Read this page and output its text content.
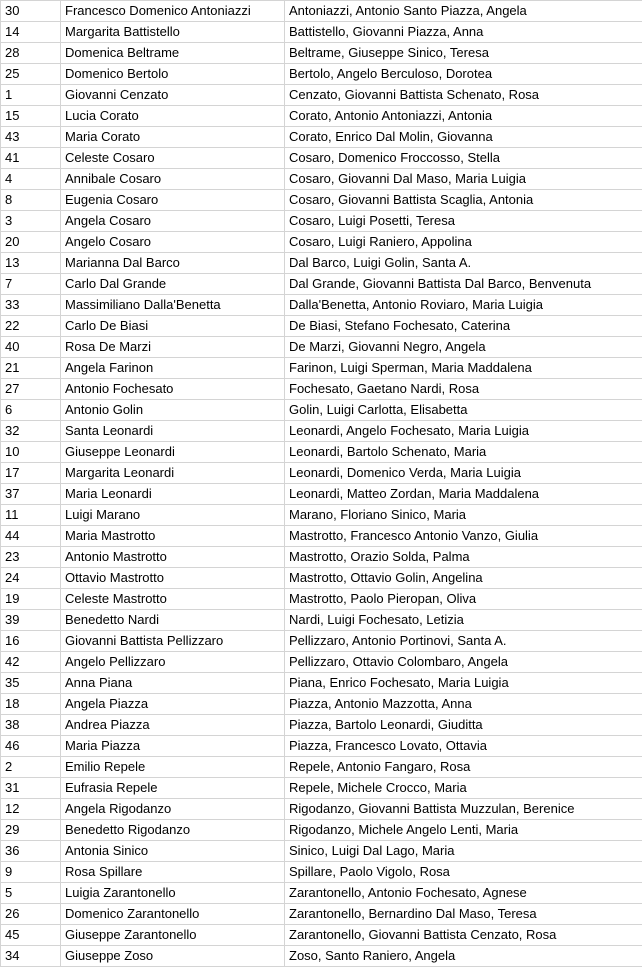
30	Francesco Domenico Antoniazzi	Antoniazzi, Antonio Santo Piazza, Angela
14	Margarita Battistello	Battistello, Giovanni Piazza, Anna
28	Domenica Beltrame	Beltrame, Giuseppe Sinico, Teresa
25	Domenico Bertolo	Bertolo, Angelo Berculoso, Dorotea
1	Giovanni Cenzato	Cenzato, Giovanni Battista Schenato, Rosa
15	Lucia Corato	Corato, Antonio Antoniazzi, Antonia
43	Maria Corato	Corato, Enrico Dal Molin, Giovanna
41	Celeste Cosaro	Cosaro, Domenico Froccosso, Stella
4	Annibale Cosaro	Cosaro, Giovanni Dal Maso, Maria Luigia
8	Eugenia Cosaro	Cosaro, Giovanni Battista Scaglia, Antonia
3	Angela Cosaro	Cosaro, Luigi Posetti, Teresa
20	Angelo Cosaro	Cosaro, Luigi Raniero, Appolina
13	Marianna Dal Barco	Dal Barco, Luigi Golin, Santa A.
7	Carlo Dal Grande	Dal Grande, Giovanni Battista Dal Barco, Benvenuta
33	Massimiliano Dalla'Benetta	Dalla'Benetta, Antonio Roviaro, Maria Luigia
22	Carlo De Biasi	De Biasi, Stefano Fochesato, Caterina
40	Rosa De Marzi	De Marzi, Giovanni Negro, Angela
21	Angela Farinon	Farinon, Luigi Sperman, Maria Maddalena
27	Antonio Fochesato	Fochesato, Gaetano Nardi, Rosa
6	Antonio Golin	Golin, Luigi Carlotta, Elisabetta
32	Santa Leonardi	Leonardi, Angelo Fochesato, Maria Luigia
10	Giuseppe Leonardi	Leonardi, Bartolo Schenato, Maria
17	Margarita Leonardi	Leonardi, Domenico Verda, Maria Luigia
37	Maria Leonardi	Leonardi, Matteo Zordan, Maria Maddalena
11	Luigi Marano	Marano, Floriano Sinico, Maria
44	Maria Mastrotto	Mastrotto, Francesco Antonio Vanzo, Giulia
23	Antonio Mastrotto	Mastrotto, Orazio Solda, Palma
24	Ottavio Mastrotto	Mastrotto, Ottavio Golin, Angelina
19	Celeste Mastrotto	Mastrotto, Paolo Pieropan, Oliva
39	Benedetto Nardi	Nardi, Luigi Fochesato, Letizia
16	Giovanni Battista Pellizzaro	Pellizzaro, Antonio Portinovi, Santa A.
42	Angelo Pellizzaro	Pellizzaro, Ottavio Colombaro, Angela
35	Anna Piana	Piana, Enrico Fochesato, Maria Luigia
18	Angela Piazza	Piazza, Antonio Mazzotta, Anna
38	Andrea Piazza	Piazza, Bartolo Leonardi, Giuditta
46	Maria Piazza	Piazza, Francesco Lovato, Ottavia
2	Emilio Repele	Repele, Antonio Fangaro, Rosa
31	Eufrasia Repele	Repele, Michele Crocco, Maria
12	Angela Rigodanzo	Rigodanzo, Giovanni Battista Muzzulan, Berenice
29	Benedetto Rigodanzo	Rigodanzo, Michele Angelo Lenti, Maria
36	Antonia Sinico	Sinico, Luigi Dal Lago, Maria
9	Rosa Spillare	Spillare, Paolo Vigolo, Rosa
5	Luigia Zarantonello	Zarantonello, Antonio Fochesato, Agnese
26	Domenico Zarantonello	Zarantonello, Bernardino Dal Maso, Teresa
45	Giuseppe Zarantonello	Zarantonello, Giovanni Battista Cenzato, Rosa
34	Giuseppe Zoso	Zoso, Santo Raniero, Angela
